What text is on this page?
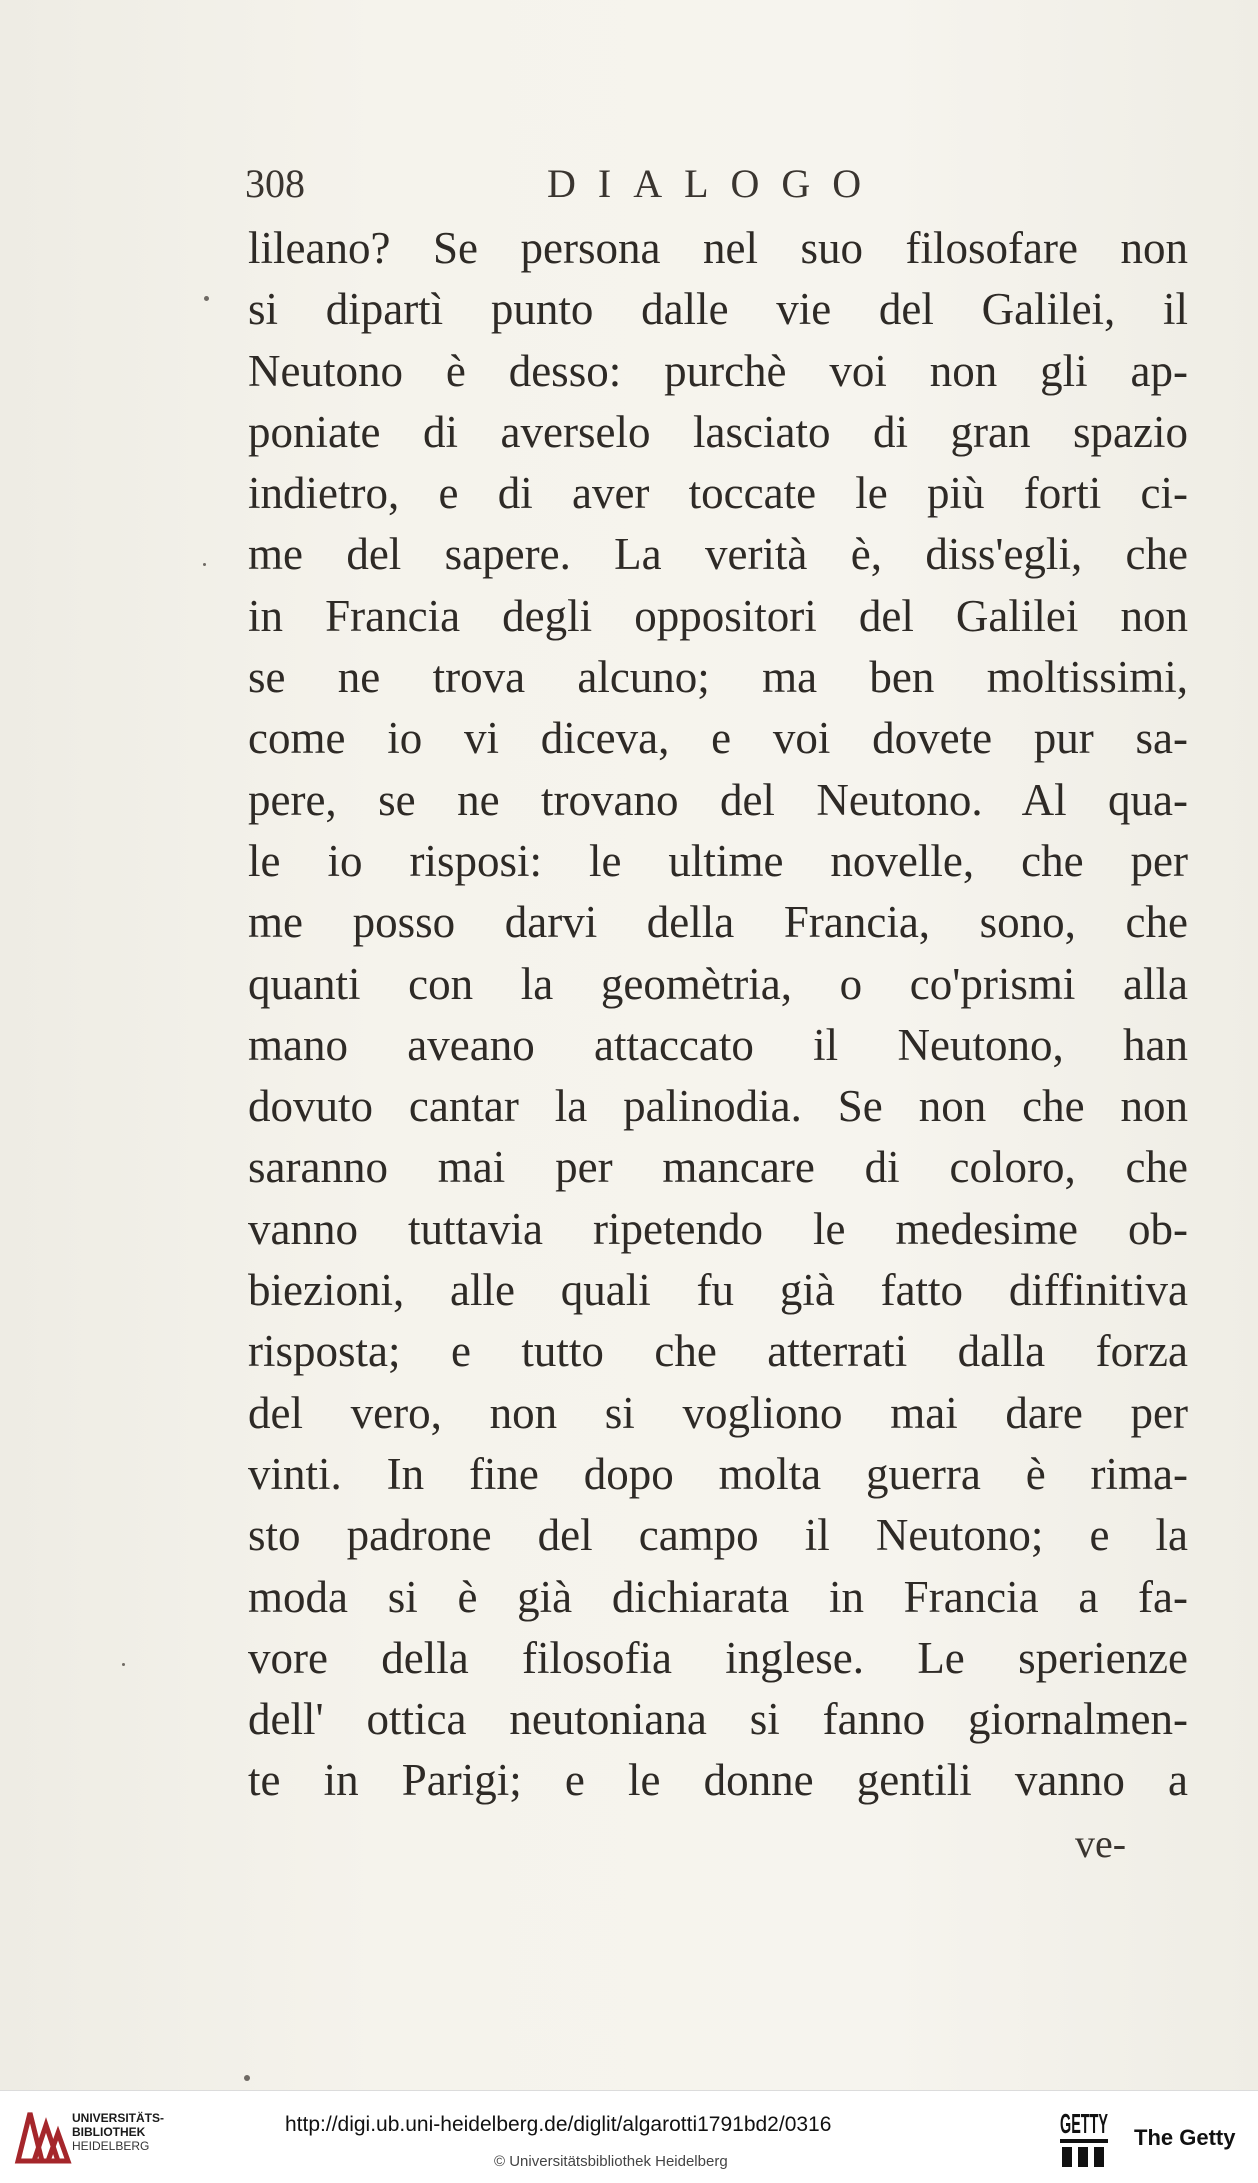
308	DIALOGO
lileano? Se persona nel suo filosofare non
si dipartì punto dalle vie del Galilei, il
Neutono è desso: purchè voi non gli ap-
poniate di averselo lasciato di gran spazio
indietro, e di aver toccate le più forti ci-
me del sapere. La verità è, diss'egli, che
in Francia degli oppositori del Galilei non
se ne trova alcuno; ma ben moltissimi,
come io vi diceva, e voi dovete pur sa-
pere, se ne trovano del Neutono. Al qua-
le io risposi: le ultime novelle, che per
me posso darvi della Francia, sono, che
quanti con la geomètria, o co'prismi alla
mano aveano attaccato il Neutono, han
dovuto cantar la palinodia. Se non che non
saranno mai per mancare di coloro, che
vanno tuttavia ripetendo le medesime ob-
biezioni, alle quali fu già fatto diffinitiva
risposta; e tutto che atterrati dalla forza
del vero, non si vogliono mai dare per
vinti. In fine dopo molta guerra è rima-
sto padrone del campo il Neutono; e la
moda si è già dichiarata in Francia a fa-
vore della filosofia inglese. Le sperienze
dell' ottica neutoniana si fanno giornalmen-
te in Parigi; e le donne gentili vanno a
ve-
UNIVERSITÄTS-
BIBLIOTHEK
HEIDELBERG
http://digi.ub.uni-heidelberg.de/diglit/algarotti1791bd2/0316
© Universitätsbibliothek Heidelberg
GETTY The Getty
